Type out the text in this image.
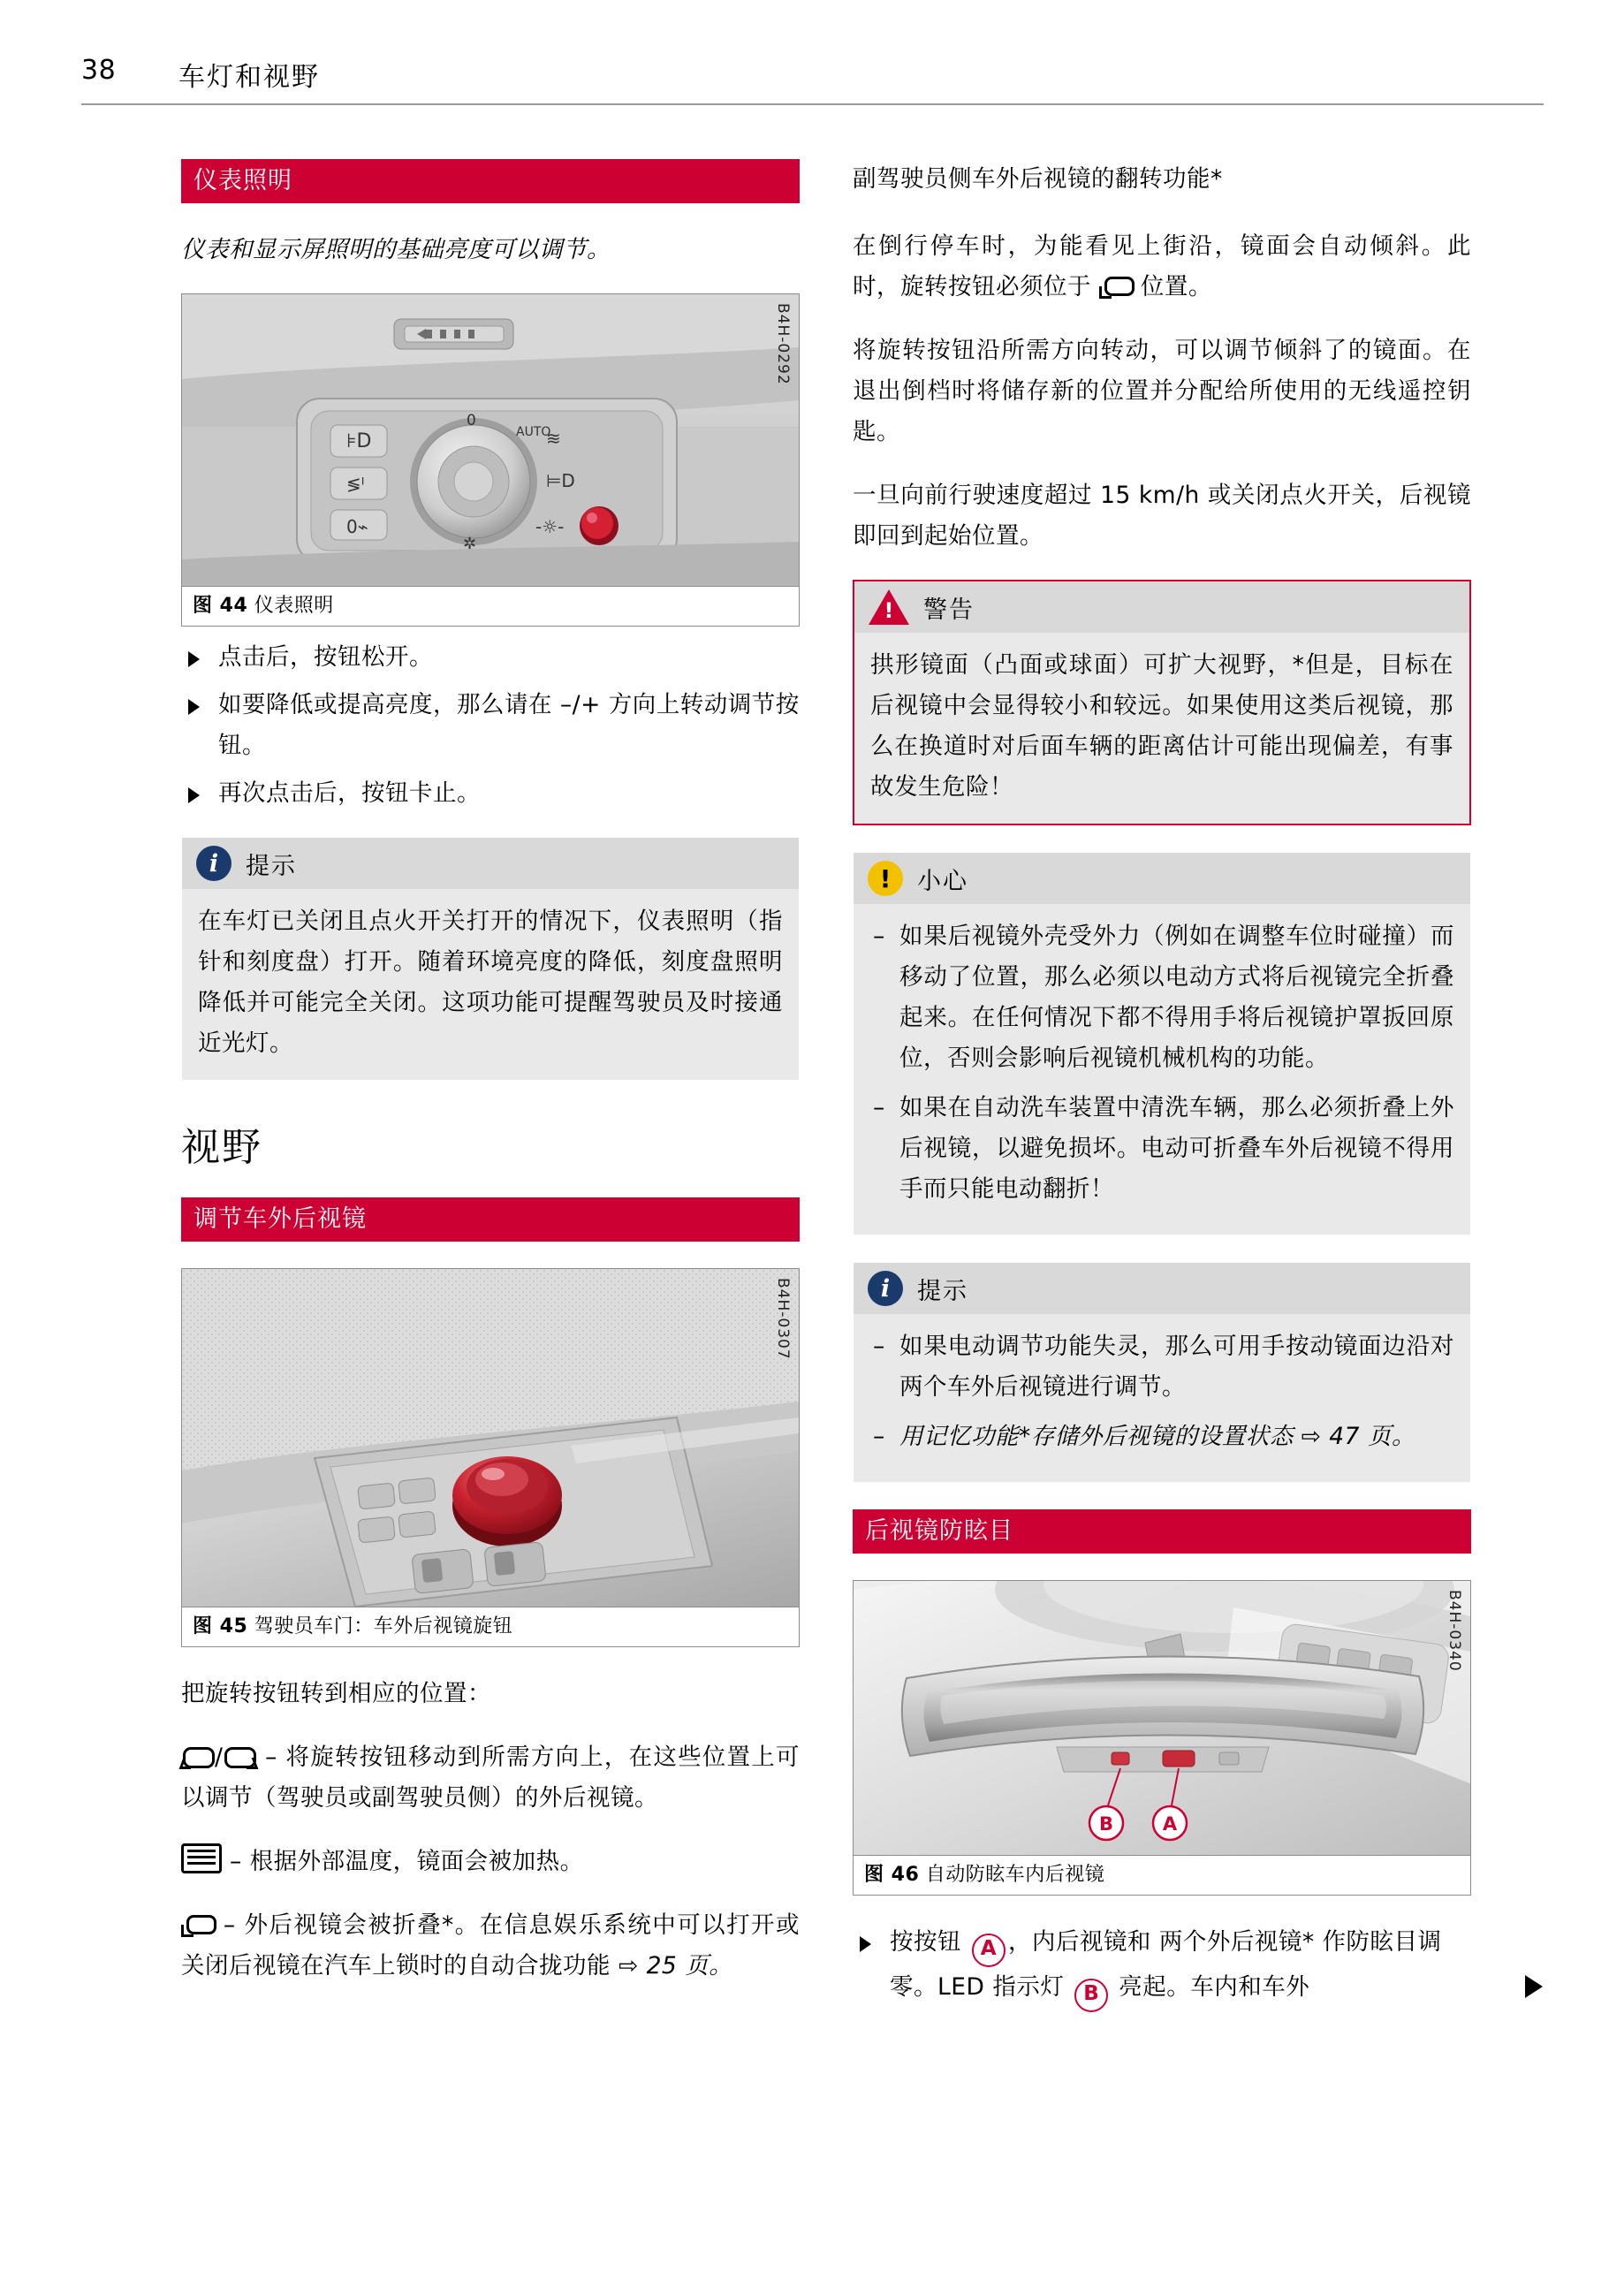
38 车灯和视野
仪表照明

仪表和显示屏照明的基础亮度可以调节。

⊧D
≶ᴵ
0⌁
0
AUTO
✲
≋
⊨D
-☼-
B4H-0292
图 44 仪表照明
点击后，按钮松开。
如要降低或提高亮度，那么请在 –/+ 方向上转动调节按钮。
再次点击后，按钮卡止。
i	提示

在车灯已关闭且点火开关打开的情况下，仪表照明（指针和刻度盘）打开。随着环境亮度的降低，刻度盘照明降低并可能完全关闭。这项功能可提醒驾驶员及时接通近光灯。

视野
调节车外后视镜
B4H-0307
图 45 驾驶员车门：车外后视镜旋钮

把旋转按钮转到相应的位置：

/ – 将旋转按钮移动到所需方向上，在这些位置上可以调节（驾驶员或副驾驶员侧）的外后视镜。

– 根据外部温度，镜面会被加热。

– 外后视镜会被折叠*。在信息娱乐系统中可以打开或关闭后视镜在汽车上锁时的自动合拢功能 ⇨ 25 页。

副驾驶员侧车外后视镜的翻转功能*

在倒行停车时，为能看见上街沿，镜面会自动倾斜。此时，旋转按钮必须位于  位置。

将旋转按钮沿所需方向转动，可以调节倾斜了的镜面。在退出倒档时将储存新的位置并分配给所使用的无线遥控钥匙。

一旦向前行驶速度超过 15 km/h 或关闭点火开关，后视镜即回到起始位置。

!	警告

拱形镜面（凸面或球面）可扩大视野，*但是，目标在后视镜中会显得较小和较远。如果使用这类后视镜，那么在换道时对后面车辆的距离估计可能出现偏差，有事故发生危险！

!	小心
– 如果后视镜外壳受外力（例如在调整车位时碰撞）而移动了位置，那么必须以电动方式将后视镜完全折叠起来。在任何情况下都不得用手将后视镜护罩扳回原位，否则会影响后视镜机械机构的功能。
– 如果在自动洗车装置中清洗车辆，那么必须折叠上外后视镜，以避免损坏。电动可折叠车外后视镜不得用手而只能电动翻折！
i	提示
– 如果电动调节功能失灵，那么可用手按动镜面边沿对两个车外后视镜进行调节。
– 用记忆功能*存储外后视镜的设置状态 ⇨ 47 页。
后视镜防眩目
B	A
B4H-0340
图 46 自动防眩车内后视镜
按按钮 A ，内后视镜和 两个外后视镜* 作防眩目调零。LED 指示灯 B 亮起。车内和车外
